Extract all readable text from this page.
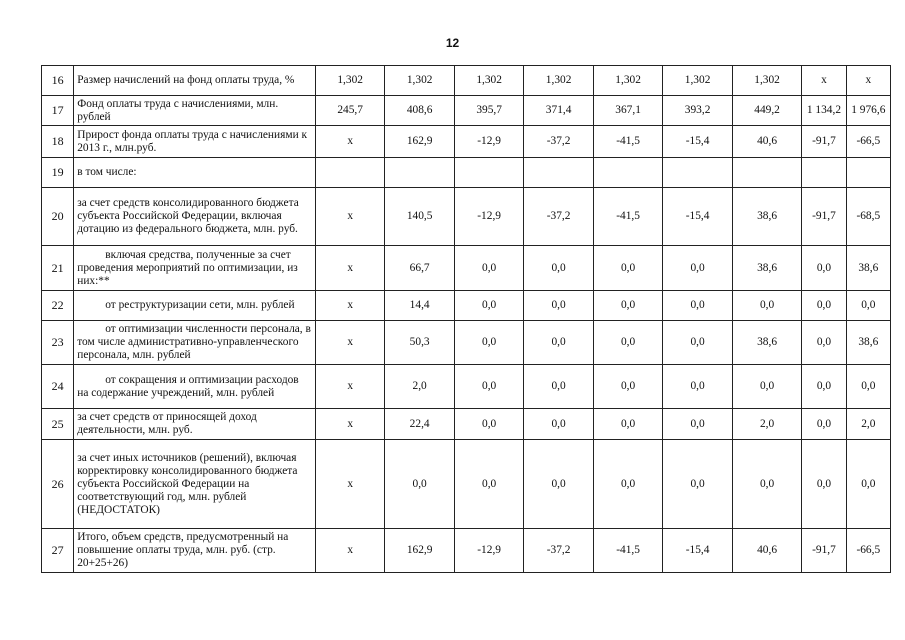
12
16	Размер начислений на фонд оплаты труда, %	1,302	1,302	1,302	1,302	1,302	1,302	1,302	x	x
17	Фонд оплаты труда с начислениями, млн. рублей	245,7	408,6	395,7	371,4	367,1	393,2	449,2	1 134,2	1 976,6
18	Прирост фонда оплаты труда с начислениями к 2013 г., млн.руб.	x	162,9	-12,9	-37,2	-41,5	-15,4	40,6	-91,7	-66,5
19	в том числе:									
20	за счет средств консолидированного бюджета субъекта Российской Федерации, включая дотацию из федерального бюджета, млн. руб.	x	140,5	-12,9	-37,2	-41,5	-15,4	38,6	-91,7	-68,5
21	включая средства, полученные за счет проведения мероприятий по оптимизации, из них:**	x	66,7	0,0	0,0	0,0	0,0	38,6	0,0	38,6
22	от реструктуризации сети, млн. рублей	x	14,4	0,0	0,0	0,0	0,0	0,0	0,0	0,0
23	от оптимизации численности персонала, в том числе административно-управленческого персонала, млн. рублей	x	50,3	0,0	0,0	0,0	0,0	38,6	0,0	38,6
24	от сокращения и оптимизации расходов на содержание учреждений, млн. рублей	x	2,0	0,0	0,0	0,0	0,0	0,0	0,0	0,0
25	за счет средств от приносящей доход деятельности, млн. руб.	x	22,4	0,0	0,0	0,0	0,0	2,0	0,0	2,0
26	за счет иных источников (решений), включая корректировку консолидированного бюджета субъекта Российской Федерации на соответствующий год, млн. рублей (НЕДОСТАТОК)	x	0,0	0,0	0,0	0,0	0,0	0,0	0,0	0,0
27	Итого, объем средств, предусмотренный на повышение оплаты труда, млн. руб. (стр. 20+25+26)	x	162,9	-12,9	-37,2	-41,5	-15,4	40,6	-91,7	-66,5
